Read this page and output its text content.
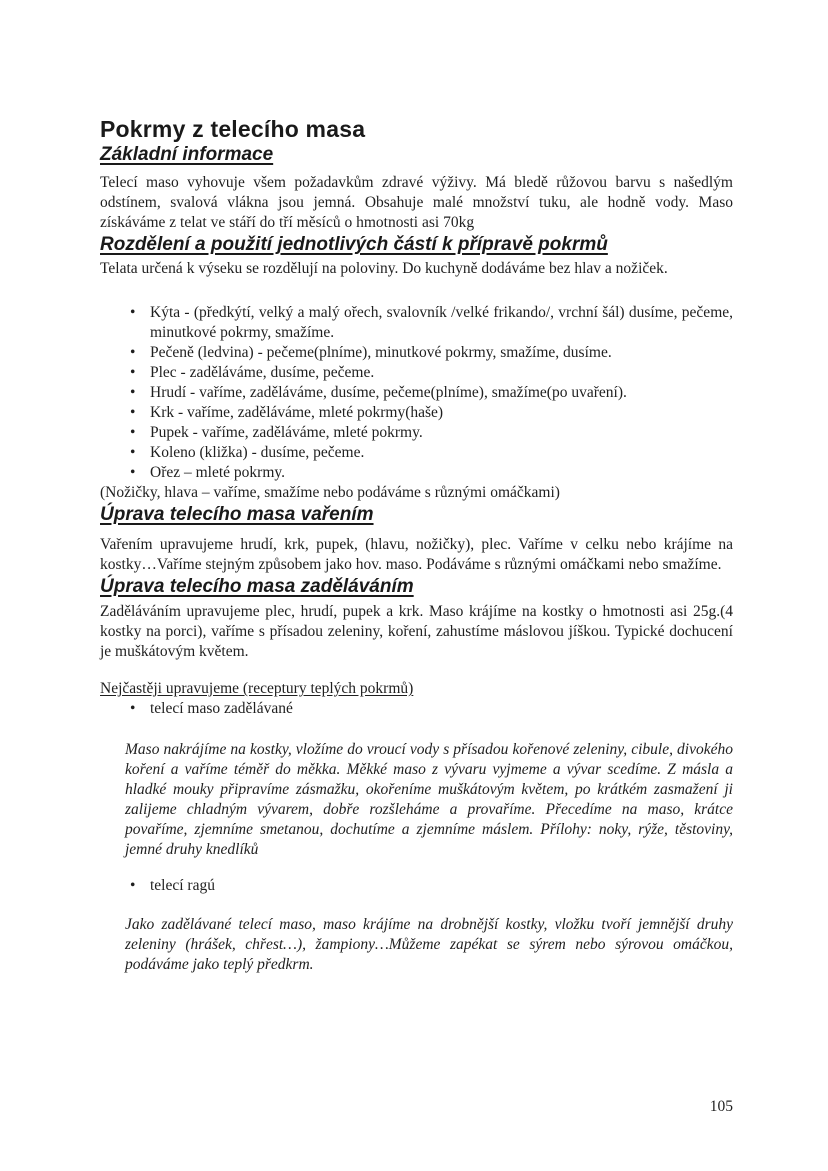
Pokrmy z telecího masa
Základní informace

Telecí maso vyhovuje všem požadavkům zdravé výživy. Má bledě růžovou barvu s našedlým odstínem, svalová vlákna jsou jemná. Obsahuje malé množství tuku, ale hodně vody. Maso získáváme z telat ve stáří do tří měsíců o hmotnosti asi 70kg

Rozdělení a použití jednotlivých částí k přípravě pokrmů

Telata určená k výseku se rozdělují na poloviny. Do kuchyně dodáváme bez hlav a nožiček.

• Kýta - (předkýtí, velký a malý ořech, svalovník /velké frikando/, vrchní šál) dusíme, pečeme, minutkové pokrmy, smažíme.
• Pečeně (ledvina) - pečeme(plníme), minutkové pokrmy, smažíme, dusíme.
• Plec - zaděláváme, dusíme, pečeme.
• Hrudí - vaříme, zaděláváme, dusíme, pečeme(plníme), smažíme(po uvaření).
• Krk - vaříme, zaděláváme, mleté pokrmy(haše)
• Pupek - vaříme, zaděláváme, mleté pokrmy.
• Koleno (kližka) - dusíme, pečeme.
• Ořez – mleté pokrmy.

(Nožičky, hlava – vaříme, smažíme nebo podáváme s různými omáčkami)

Úprava telecího masa vařením

Vařením upravujeme hrudí, krk, pupek, (hlavu, nožičky), plec. Vaříme v celku nebo krájíme na kostky…Vaříme stejným způsobem jako hov. maso. Podáváme s různými omáčkami nebo smažíme.

Úprava telecího masa zaděláváním

Zaděláváním upravujeme plec, hrudí, pupek a krk. Maso krájíme na kostky o hmotnosti asi 25g.(4 kostky na porci), vaříme s přísadou zeleniny, koření, zahustíme máslovou jíškou. Typické dochucení je muškátovým květem.

Nejčastěji upravujeme (receptury teplých pokrmů)

• telecí maso zadělávané

Maso nakrájíme na kostky, vložíme do vroucí vody s přísadou kořenové zeleniny, cibule, divokého koření a vaříme téměř do měkka. Měkké maso z vývaru vyjmeme a vývar scedíme. Z másla a hladké mouky připravíme zásmažku, okořeníme muškátovým květem, po krátkém zasmažení ji zalijeme chladným vývarem, dobře rozšleháme a provaříme. Přecedíme na maso, krátce povaříme, zjemníme smetanou, dochutíme a zjemníme máslem. Přílohy: noky, rýže, těstoviny, jemné druhy knedlíků

• telecí ragú

Jako zadělávané telecí maso, maso krájíme na drobnější kostky, vložku tvoří jemnější druhy zeleniny (hrášek, chřest…), žampiony…Můžeme zapékat se sýrem nebo sýrovou omáčkou, podáváme jako teplý předkrm.

105
